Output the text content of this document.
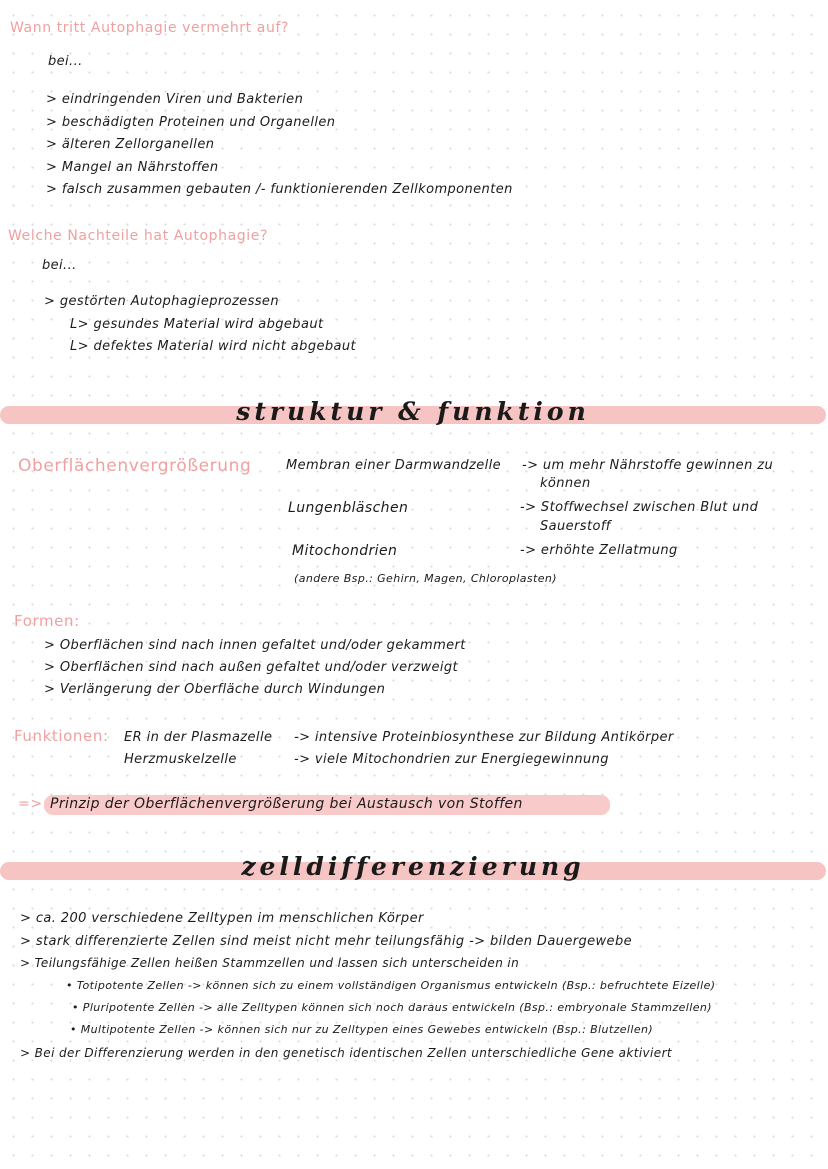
Wann tritt Autophagie vermehrt auf?
bei...
> eindringenden Viren und Bakterien
> beschädigten Proteinen und Organellen
> älteren Zellorganellen
> Mangel an Nährstoffen
> falsch zusammen gebauten /- funktionierenden Zellkomponenten
Welche Nachteile hat Autophagie?
bei...
> gestörten Autophagieprozessen
L> gesundes Material wird abgebaut
L> defektes Material wird nicht abgebaut
struktur & funktion
Oberflächenvergrößerung	Membran einer Darmwandzelle -> um mehr Nährstoffe gewinnen zu
können
Lungenbläschen	-> Stoffwechsel zwischen Blut und
Sauerstoff
Mitochondrien	-> erhöhte Zellatmung
(andere Bsp.: Gehirn, Magen, Chloroplasten)
Formen:
> Oberflächen sind nach innen gefaltet und/oder gekammert
> Oberflächen sind nach außen gefaltet und/oder verzweigt
> Verlängerung der Oberfläche durch Windungen
Funktionen: ER in der Plasmazelle -> intensive Proteinbiosynthese zur Bildung Antikörper
Herzmuskelzelle	-> viele Mitochondrien zur Energiegewinnung
=> Prinzip der Oberflächenvergrößerung bei Austausch von Stoffen
zelldifferenzierung
> ca. 200 verschiedene Zelltypen im menschlichen Körper
> stark differenzierte Zellen sind meist nicht mehr teilungsfähig -> bilden Dauergewebe
> Teilungsfähige Zellen heißen Stammzellen und lassen sich unterscheiden in
• Totipotente Zellen -> können sich zu einem vollständigen Organismus entwickeln (Bsp.: befruchtete Eizelle)
• Pluripotente Zellen -> alle Zelltypen können sich noch daraus entwickeln (Bsp.: embryonale Stammzellen)
• Multipotente Zellen -> können sich nur zu Zelltypen eines Gewebes entwickeln (Bsp.: Blutzellen)
> Bei der Differenzierung werden in den genetisch identischen Zellen unterschiedliche Gene aktiviert
